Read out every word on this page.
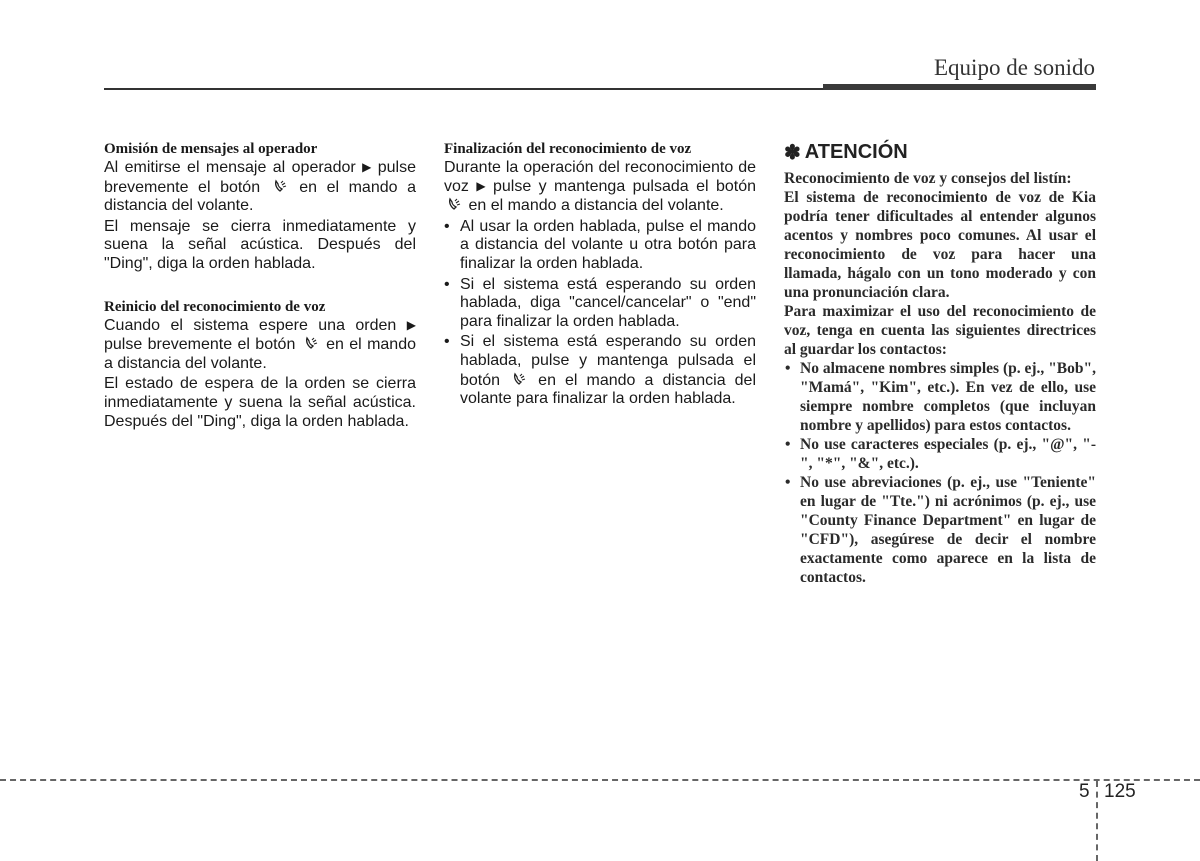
Equipo de sonido

Omisión de mensajes al operador

Al emitirse el mensaje al operador ▶ pulse brevemente el botón en el mando a distancia del volante.

El mensaje se cierra inmediatamente y suena la señal acústica. Después del "Ding", diga la orden hablada.

Reinicio del reconocimiento de voz

Cuando el sistema espere una orden ▶ pulse brevemente el botón en el mando a distancia del volante.

El estado de espera de la orden se cierra inmediatamente y suena la señal acústica. Después del "Ding", diga la orden hablada.

Finalización del reconocimiento de voz

Durante la operación del reconocimiento de voz ▶ pulse y mantenga pulsada el botón
en el mando a distancia del volante.

• Al usar la orden hablada, pulse el mando a distancia del volante u otra botón para finalizar la orden hablada.
• Si el sistema está esperando su orden hablada, diga "cancel/cancelar" o "end" para finalizar la orden hablada.
• Si el sistema está esperando su orden hablada, pulse y mantenga pulsada el botón en el mando a distancia del volante para finalizar la orden hablada.
✽ ATENCIÓN

Reconocimiento de voz y consejos del listín:

El sistema de reconocimiento de voz de Kia podría tener dificultades al entender algunos acentos y nombres poco comunes. Al usar el reconocimiento de voz para hacer una llamada, hágalo con un tono moderado y con una pronunciación clara.

Para maximizar el uso del reconocimiento de voz, tenga en cuenta las siguientes directrices al guardar los contactos:

• No almacene nombres simples (p. ej., "Bob", "Mamá", "Kim", etc.). En vez de ello, use siempre nombre completos (que incluyan nombre y apellidos) para estos contactos.
• No use caracteres especiales (p. ej., "@", "-", "*", "&", etc.).
• No use abreviaciones (p. ej., use "Teniente" en lugar de "Tte.") ni acrónimos (p. ej., use "County Finance Department" en lugar de "CFD"), asegúrese de decir el nombre exactamente como aparece en la lista de contactos.
5 125
